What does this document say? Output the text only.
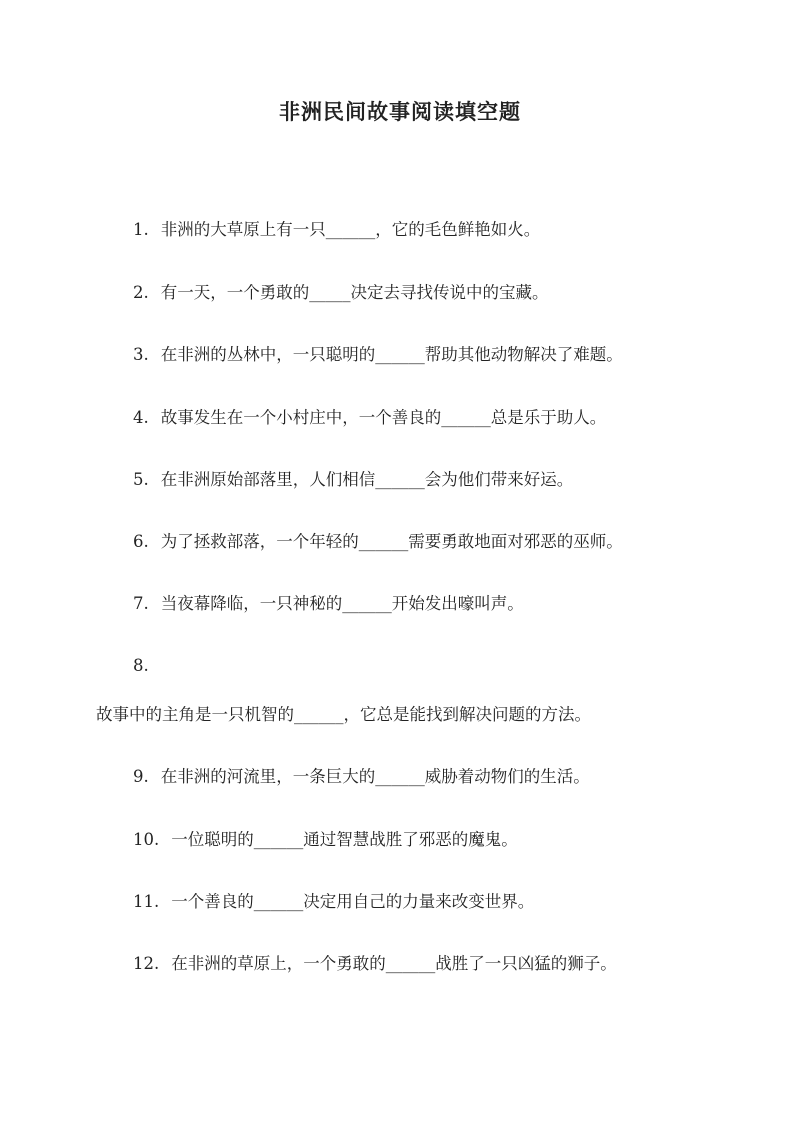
非洲民间故事阅读填空题
1. 非洲的大草原上有一只______，它的毛色鲜艳如火。
2. 有一天，一个勇敢的_____决定去寻找传说中的宝藏。
3. 在非洲的丛林中，一只聪明的______帮助其他动物解决了难题。
4. 故事发生在一个小村庄中，一个善良的______总是乐于助人。
5. 在非洲原始部落里，人们相信______会为他们带来好运。
6. 为了拯救部落，一个年轻的______需要勇敢地面对邪恶的巫师。
7. 当夜幕降临，一只神秘的______开始发出嚎叫声。
8.
故事中的主角是一只机智的______，它总是能找到解决问题的方法。
9. 在非洲的河流里，一条巨大的______威胁着动物们的生活。
10. 一位聪明的______通过智慧战胜了邪恶的魔鬼。
11. 一个善良的______决定用自己的力量来改变世界。
12. 在非洲的草原上，一个勇敢的______战胜了一只凶猛的狮子。
